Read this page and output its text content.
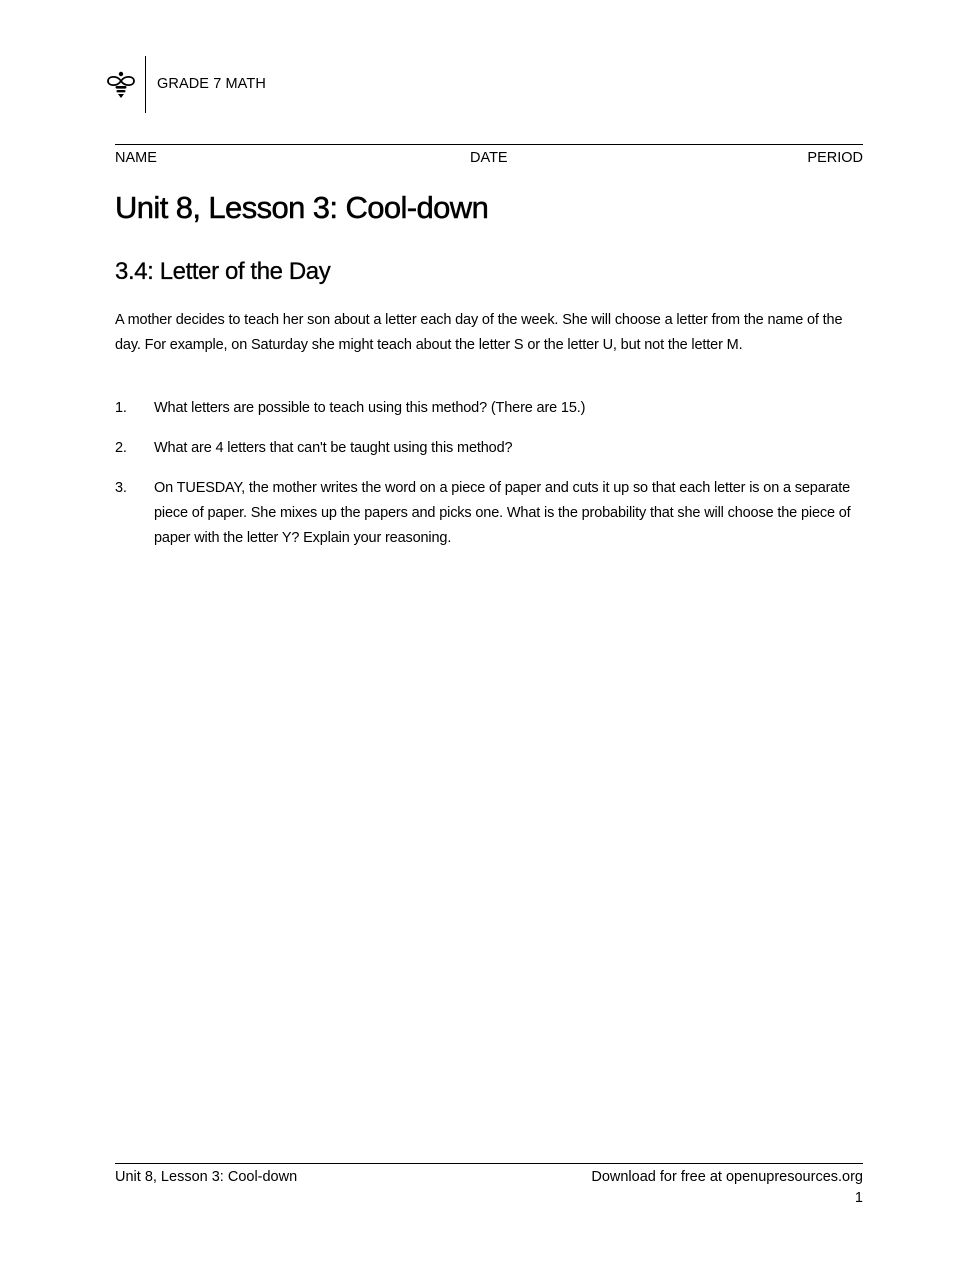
GRADE 7 MATH
NAME	DATE	PERIOD
Unit 8, Lesson 3: Cool-down
3.4: Letter of the Day

A mother decides to teach her son about a letter each day of the week. She will choose a letter from the name of the day. For example, on Saturday she might teach about the letter S or the letter U, but not the letter M.

1.	What letters are possible to teach using this method? (There are 15.)
2.	What are 4 letters that can't be taught using this method?
3.	On TUESDAY, the mother writes the word on a piece of paper and cuts it up so that each letter is on a separate piece of paper. She mixes up the papers and picks one. What is the probability that she will choose the piece of paper with the letter Y? Explain your reasoning.
Unit 8, Lesson 3: Cool-down	Download for free at openupresources.org
1
